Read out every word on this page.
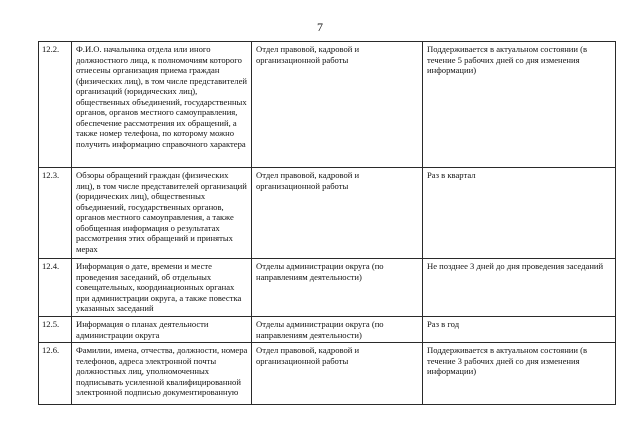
7
12.2.	Ф.И.О. начальника отдела или иного должностного лица, к полномочиям которого отнесены организация приема граждан (физических лиц), в том числе представителей организаций (юридических лиц), общественных объединений, государственных органов, органов местного самоуправления, обеспечение рассмотрения их обращений, а также номер телефона, по которому можно получить информацию справочного характера	Отдел правовой, кадровой и организационной работы	Поддерживается в актуальном состоянии (в течение 5 рабочих дней со дня изменения информации)
12.3.	Обзоры обращений граждан (физических лиц), в том числе представителей организаций (юридических лиц), общественных объединений, государственных органов, органов местного самоуправления, а также обобщенная информация о результатах рассмотрения этих обращений и принятых мерах	Отдел правовой, кадровой и организационной работы	Раз в квартал
12.4.	Информация о дате, времени и месте проведения заседаний, об отдельных совещательных, координационных органах при администрации округа, а также повестка указанных заседаний	Отделы администрации округа (по направлениям деятельности)	Не позднее 3 дней до дня проведения заседаний
12.5.	Информация о планах деятельности администрации округа	Отделы администрации округа (по направлениям деятельности)	Раз в год
12.6.	Фамилии, имена, отчества, должности, номера телефонов, адреса электронной почты должностных лиц, уполномоченных подписывать усиленной квалифицированной электронной подписью документированную	Отдел правовой, кадровой и организационной работы	Поддерживается в актуальном состоянии (в течение 3 рабочих дней со дня изменения информации)
